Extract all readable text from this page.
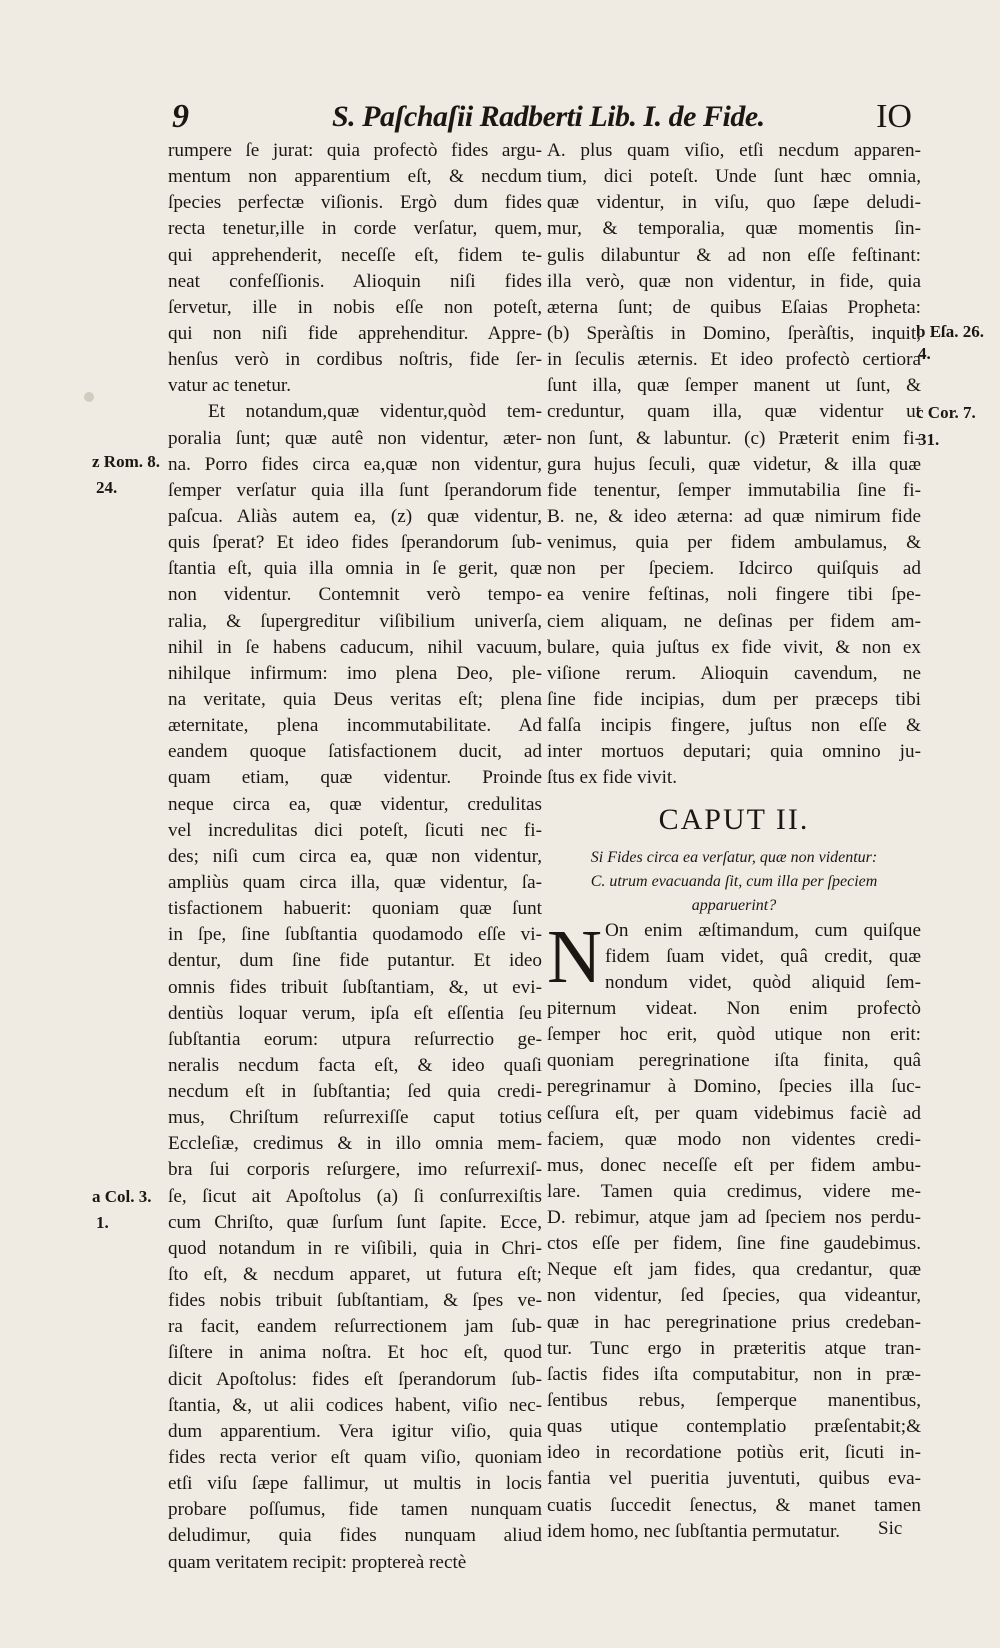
9	S. Paſchaſii Radberti Lib. I. de Fide.	IO
rumpere ſe jurat: quia profectò fides argu-
mentum non apparentium eſt, & necdum
ſpecies perfectæ viſionis. Ergò dum fides
recta tenetur,ille in corde verſatur, quem,
qui apprehenderit, neceſſe eſt, fidem te-
neat confeſſionis. Alioquin niſi fides
ſervetur, ille in nobis eſſe non poteſt,
qui non niſi fide apprehenditur. Appre-
henſus verò in cordibus noſtris, fide ſer-
vatur ac tenetur.
Et notandum,quæ videntur,quòd tem-
poralia ſunt; quæ autê non videntur, æter-
na. Porro fides circa ea,quæ non videntur,
ſemper verſatur quia illa ſunt ſperandorum
paſcua. Aliàs autem ea, (z) quæ videntur,
quis ſperat? Et ideo fides ſperandorum ſub-
ſtantia eſt, quia illa omnia in ſe gerit, quæ
non videntur. Contemnit verò tempo-
ralia, & ſupergreditur viſibilium univerſa,
nihil in ſe habens caducum, nihil vacuum,
nihilque infirmum: imo plena Deo, ple-
na veritate, quia Deus veritas eſt; plena
æternitate, plena incommutabilitate. Ad
eandem quoque ſatisfactionem ducit, ad
quam etiam, quæ videntur. Proinde
neque circa ea, quæ videntur, credulitas
vel incredulitas dici poteſt, ſicuti nec fi-
des; niſi cum circa ea, quæ non videntur,
ampliùs quam circa illa, quæ videntur, ſa-
tisfactionem habuerit: quoniam quæ ſunt
in ſpe, ſine ſubſtantia quodamodo eſſe vi-
dentur, dum ſine fide putantur. Et ideo
omnis fides tribuit ſubſtantiam, &, ut evi-
dentiùs loquar verum, ipſa eſt eſſentia ſeu
ſubſtantia eorum: utpura reſurrectio ge-
neralis necdum facta eſt, & ideo quaſi
necdum eſt in ſubſtantia; ſed quia credi-
mus, Chriſtum reſurrexiſſe caput totius
Eccleſiæ, credimus & in illo omnia mem-
bra ſui corporis reſurgere, imo reſurrexiſ-
ſe, ſicut ait Apoſtolus (a) ſi conſurrexiſtis
cum Chriſto, quæ ſurſum ſunt ſapite. Ecce,
quod notandum in re viſibili, quia in Chri-
ſto eſt, & necdum apparet, ut futura eſt;
fides nobis tribuit ſubſtantiam, & ſpes ve-
ra facit, eandem reſurrectionem jam ſub-
ſiſtere in anima noſtra. Et hoc eſt, quod
dicit Apoſtolus: fides eſt ſperandorum ſub-
ſtantia, &, ut alii codices habent, viſio nec-
dum apparentium. Vera igitur viſio, quia
fides recta verior eſt quam viſio, quoniam
etſi viſu ſæpe fallimur, ut multis in locis
probare poſſumus, fide tamen nunquam
deludimur, quia fides nunquam aliud
quam veritatem recipit: proptereà rectè
A. plus quam viſio, etſi necdum apparen-
tium, dici poteſt. Unde ſunt hæc omnia,
quæ videntur, in viſu, quo ſæpe deludi-
mur, & temporalia, quæ momentis ſin-
gulis dilabuntur & ad non eſſe feſtinant:
illa verò, quæ non videntur, in fide, quia
æterna ſunt; de quibus Eſaias Propheta:
(b) Speràſtis in Domino, ſperàſtis, inquit,
in ſeculis æternis. Et ideo profectò certiora
ſunt illa, quæ ſemper manent ut ſunt, &
creduntur, quam illa, quæ videntur ut
non ſunt, & labuntur. (c) Præterit enim fi-
gura hujus ſeculi, quæ videtur, & illa quæ
fide tenentur, ſemper immutabilia ſine fi-
B. ne, & ideo æterna: ad quæ nimirum fide
venimus, quia per fidem ambulamus, &
non per ſpeciem. Idcirco quiſquis ad
ea venire feſtinas, noli fingere tibi ſpe-
ciem aliquam, ne deſinas per fidem am-
bulare, quia juſtus ex fide vivit, & non ex
viſione rerum. Alioquin cavendum, ne
ſine fide incipias, dum per præceps tibi
falſa incipis fingere, juſtus non eſſe &
inter mortuos deputari; quia omnino ju-
ſtus ex fide vivit.
CAPUT II.
Si Fides circa ea verſatur, quæ non videntur:
C. utrum evacuanda ſit, cum illa per ſpeciem
apparuerint?
N On enim æſtimandum, cum quiſque
fidem ſuam videt, quâ credit, quæ
nondum videt, quòd aliquid ſem-
piternum videat. Non enim profectò
ſemper hoc erit, quòd utique non erit:
quoniam peregrinatione iſta finita, quâ
peregrinamur à Domino, ſpecies illa ſuc-
ceſſura eſt, per quam videbimus faciè ad
faciem, quæ modo non videntes credi-
mus, donec neceſſe eſt per fidem ambu-
lare. Tamen quia credimus, videre me-
D. rebimur, atque jam ad ſpeciem nos perdu-
ctos eſſe per fidem, ſine fine gaudebimus.
Neque eſt jam fides, qua credantur, quæ
non videntur, ſed ſpecies, qua videantur,
quæ in hac peregrinatione prius credeban-
tur. Tunc ergo in præteritis atque tran-
ſactis fides iſta computabitur, non in præ-
ſentibus rebus, ſemperque manentibus,
quas utique contemplatio præſentabit;&
ideo in recordatione potiùs erit, ſicuti in-
fantia vel pueritia juventuti, quibus eva-
cuatis ſuccedit ſenectus, & manet tamen
idem homo, nec ſubſtantia permutatur.
z Rom. 8.
24.
a Col. 3.
1.
b Eſa. 26.
4.
c Cor. 7.
31.
Sic
